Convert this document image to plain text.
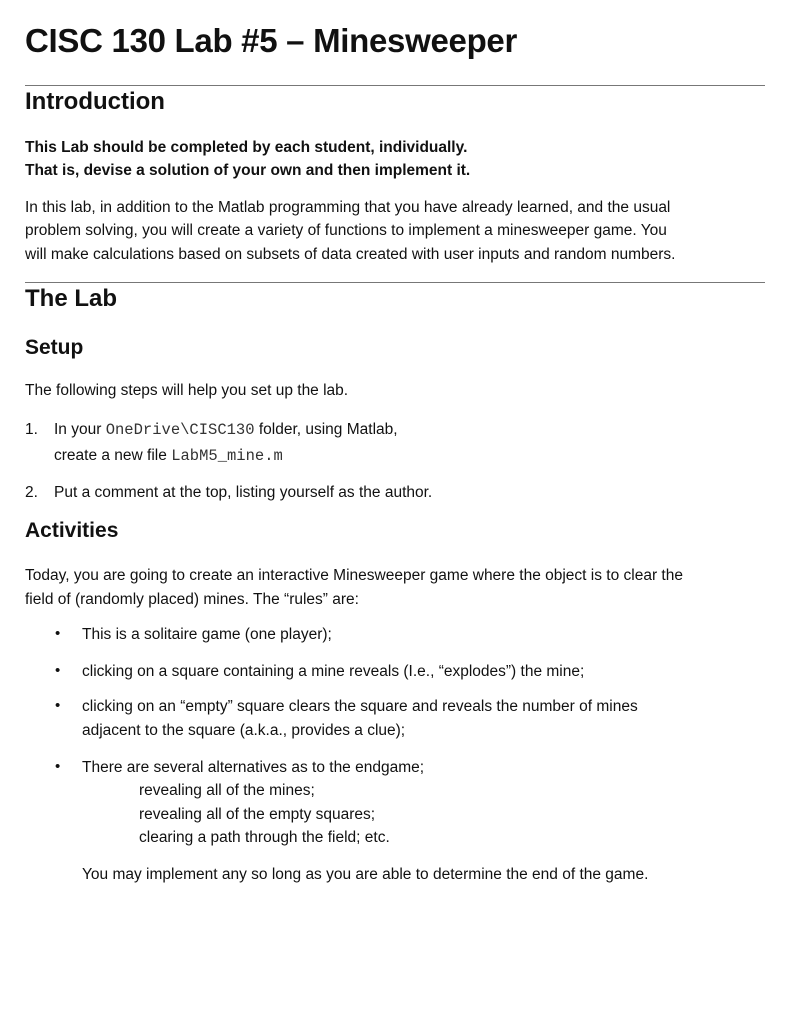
CISC 130 Lab #5 – Minesweeper
Introduction

This Lab should be completed by each student, individually.

That is, devise a solution of your own and then implement it.

In this lab, in addition to the Matlab programming that you have already learned, and the usual

problem solving, you will create a variety of functions to implement a minesweeper game. You

will make calculations based on subsets of data created with user inputs and random numbers.

The Lab
Setup

The following steps will help you set up the lab.

1. In your OneDrive\CISC130 folder, using Matlab,

create a new file LabM5_mine.m

2. Put a comment at the top, listing yourself as the author.

Activities

Today, you are going to create an interactive Minesweeper game where the object is to clear the

field of (randomly placed) mines. The “rules” are:

• This is a solitaire game (one player);

• clicking on a square containing a mine reveals (I.e., “explodes”) the mine;

• clicking on an “empty” square clears the square and reveals the number of mines

adjacent to the square (a.k.a., provides a clue);

• There are several alternatives as to the endgame;

revealing all of the mines;

revealing all of the empty squares;

clearing a path through the field; etc.

You may implement any so long as you are able to determine the end of the game.
